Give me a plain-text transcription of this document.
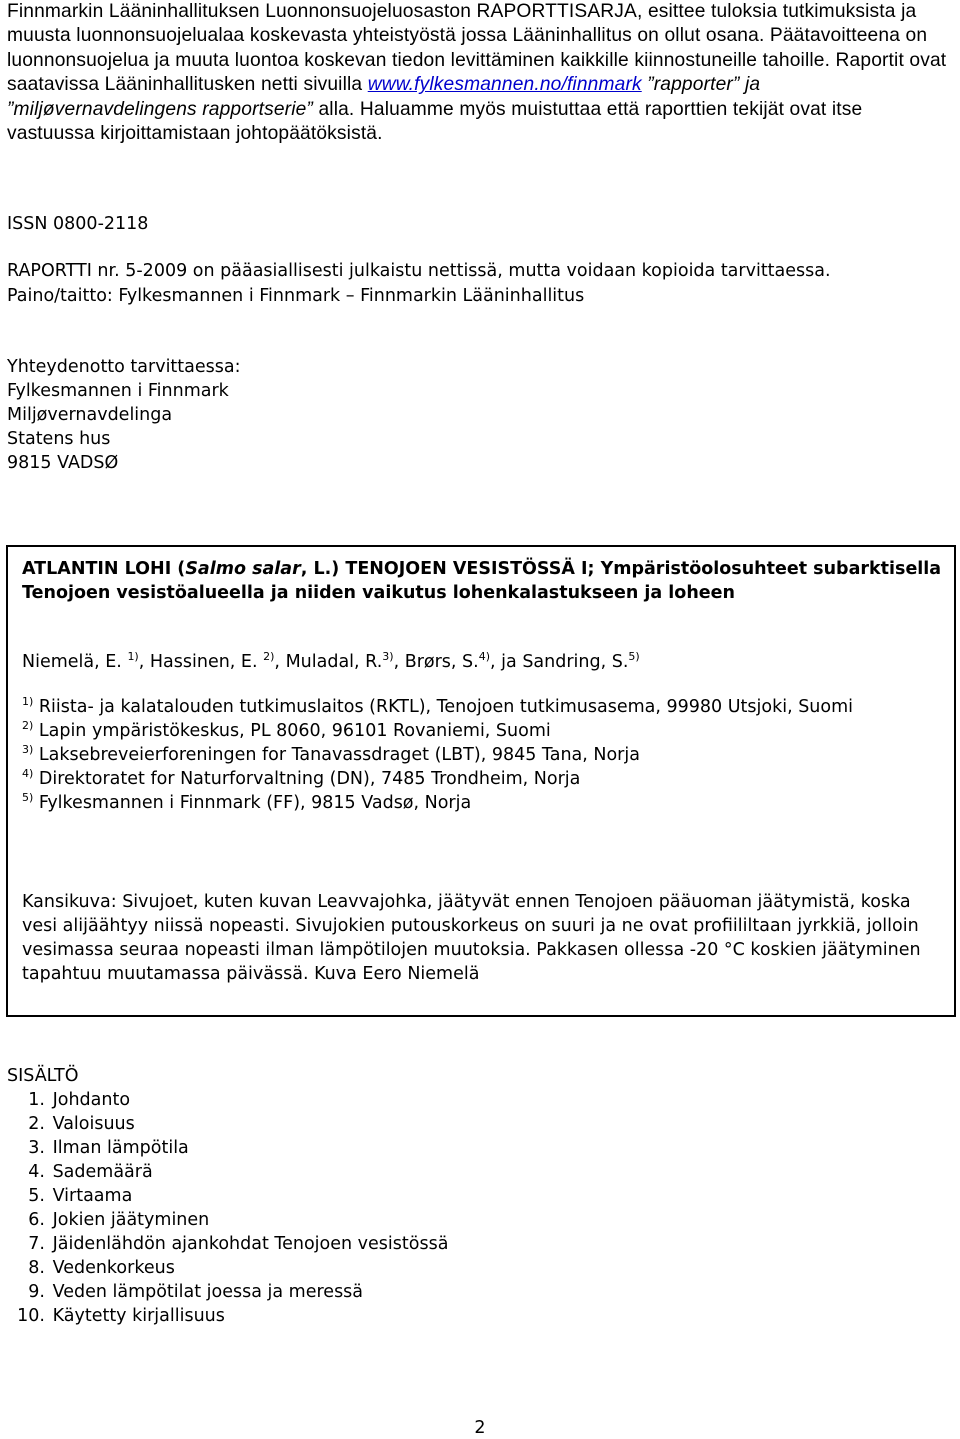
Finnmarkin Lääninhallituksen Luonnonsuojeluosaston RAPORTTISARJA, esittee tuloksia tutkimuksista ja muusta luonnonsuojelualaa koskevasta yhteistyöstä jossa Lääninhallitus on ollut osana. Päätavoitteena on luonnonsuojelua ja muuta luontoa koskevan tiedon levittäminen kaikkille kiinnostuneille tahoille. Raportit ovat saatavissa Lääninhallitusken netti sivuilla www.fylkesmannen.no/finnmark ”rapporter” ja ”miljøvernavdelingens rapportserie” alla. Haluamme myös muistuttaa että raporttien tekijät ovat itse vastuussa kirjoittamistaan johtopäätöksistä.

ISSN 0800-2118
RAPORTTI nr. 5-2009 on pääasiallisesti julkaistu nettissä, mutta voidaan kopioida tarvittaessa.
Paino/taitto: Fylkesmannen i Finnmark – Finnmarkin Lääninhallitus
Yhteydenotto tarvittaessa:
Fylkesmannen i Finnmark
Miljøvernavdelinga
Statens hus
9815 VADSØ
ATLANTIN LOHI (Salmo salar, L.) TENOJOEN VESISTÖSSÄ I; Ympäristöolosuhteet subarktisella Tenojoen vesistöalueella ja niiden vaikutus lohenkalastukseen ja loheen
Niemelä, E. $^{1)}$, Hassinen, E. $^{2)}$, Muladal, R.$^{3)}$, Brørs, S.$^{4)}$, ja Sandring, S.$^{5)}$
$^{1)}$ Riista- ja kalatalouden tutkimuslaitos (RKTL), Tenojoen tutkimusasema, 99980 Utsjoki, Suomi
$^{2)}$ Lapin ympäristökeskus, PL 8060, 96101 Rovaniemi, Suomi
$^{3)}$ Laksebreveierforeningen for Tanavassdraget (LBT), 9845 Tana, Norja
$^{4)}$ Direktoratet for Naturforvaltning (DN), 7485 Trondheim, Norja
$^{5)}$ Fylkesmannen i Finnmark (FF), 9815 Vadsø, Norja
Kansikuva: Sivujoet, kuten kuvan Leavvajohka, jäätyvät ennen Tenojoen pääuoman jäätymistä, koska vesi alijäähtyy niissä nopeasti. Sivujokien putouskorkeus on suuri ja ne ovat profiililtaan jyrkkiä, jolloin vesimassa seuraa nopeasti ilman lämpötilojen muutoksia. Pakkasen ollessa -20 °C koskien jäätyminen tapahtuu muutamassa päivässä. Kuva Eero Niemelä
SISÄLTÖ
1. Johdanto
2. Valoisuus
3. Ilman lämpötila
4. Sademäärä
5. Virtaama
6. Jokien jäätyminen
7. Jäidenlähdön ajankohdat Tenojoen vesistössä
8. Vedenkorkeus
9. Veden lämpötilat joessa ja meressä
10. Käytetty kirjallisuus
2
